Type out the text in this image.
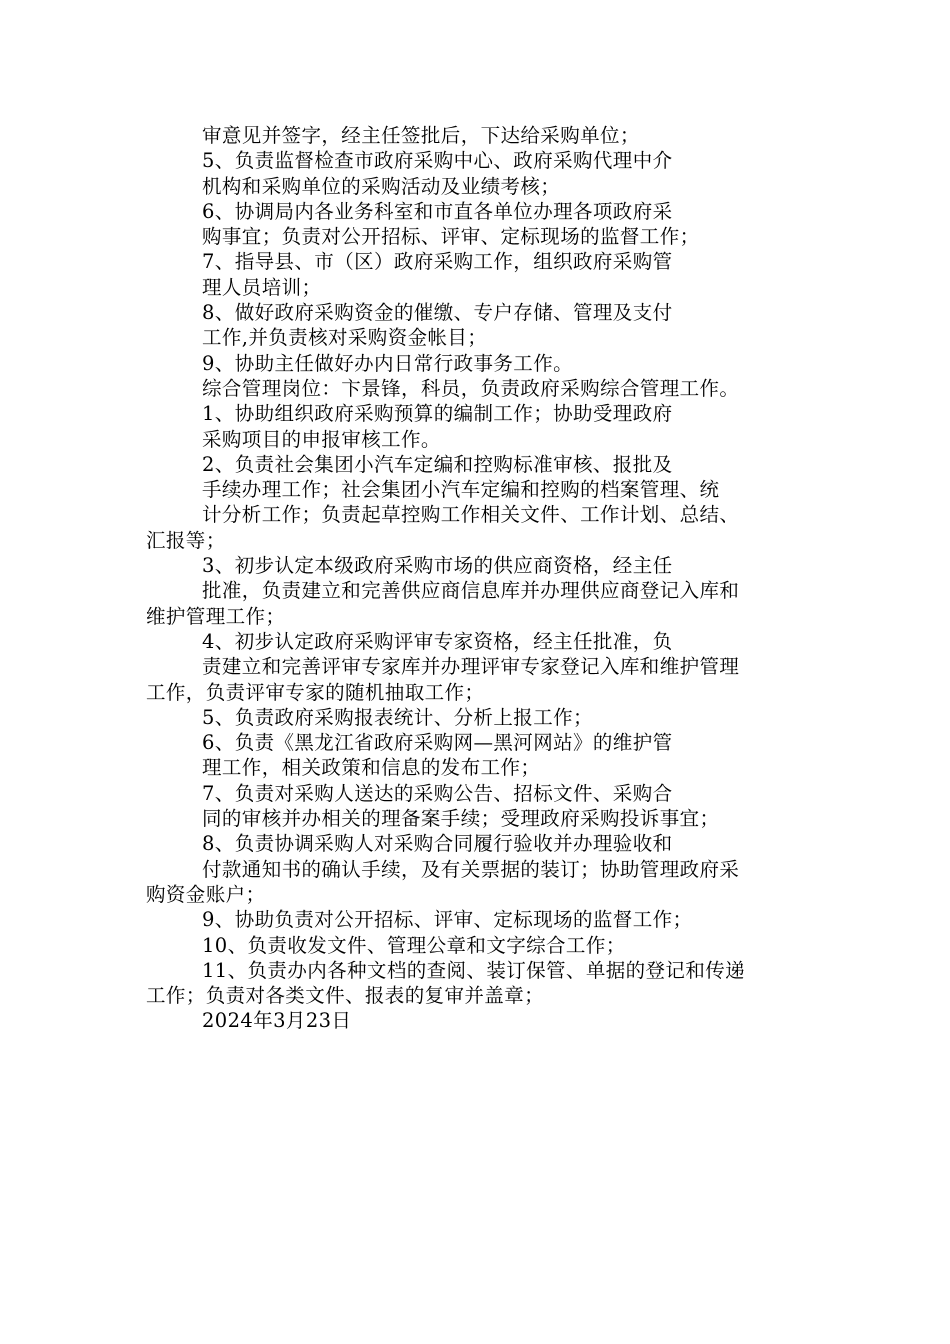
审意见并签字，经主任签批后，下达给采购单位；
5、负责监督检查市政府采购中心、政府采购代理中介
机构和采购单位的采购活动及业绩考核；
6、协调局内各业务科室和市直各单位办理各项政府采
购事宜；负责对公开招标、评审、定标现场的监督工作；
7、指导县、市（区）政府采购工作，组织政府采购管
理人员培训；
8、做好政府采购资金的催缴、专户存储、管理及支付
工作,并负责核对采购资金帐目；
9、协助主任做好办内日常行政事务工作。
综合管理岗位：卞景锋，科员，负责政府采购综合管理工作。
1、协助组织政府采购预算的编制工作；协助受理政府
采购项目的申报审核工作。
2、负责社会集团小汽车定编和控购标准审核、报批及
手续办理工作；社会集团小汽车定编和控购的档案管理、统
计分析工作；负责起草控购工作相关文件、工作计划、总结、
汇报等；
3、初步认定本级政府采购市场的供应商资格，经主任
批准，负责建立和完善供应商信息库并办理供应商登记入库和
维护管理工作；
4、初步认定政府采购评审专家资格，经主任批准，负
责建立和完善评审专家库并办理评审专家登记入库和维护管理
工作，负责评审专家的随机抽取工作；
5、负责政府采购报表统计、分析上报工作；
6、负责《黑龙江省政府采购网—黑河网站》的维护管
理工作，相关政策和信息的发布工作；
7、负责对采购人送达的采购公告、招标文件、采购合
同的审核并办相关的理备案手续；受理政府采购投诉事宜；
8、负责协调采购人对采购合同履行验收并办理验收和
付款通知书的确认手续，及有关票据的装订；协助管理政府采
购资金账户；
9、协助负责对公开招标、评审、定标现场的监督工作；
10、负责收发文件、管理公章和文字综合工作；
11、负责办内各种文档的查阅、装订保管、单据的登记和传递
工作；负责对各类文件、报表的复审并盖章；
2024年3月23日
